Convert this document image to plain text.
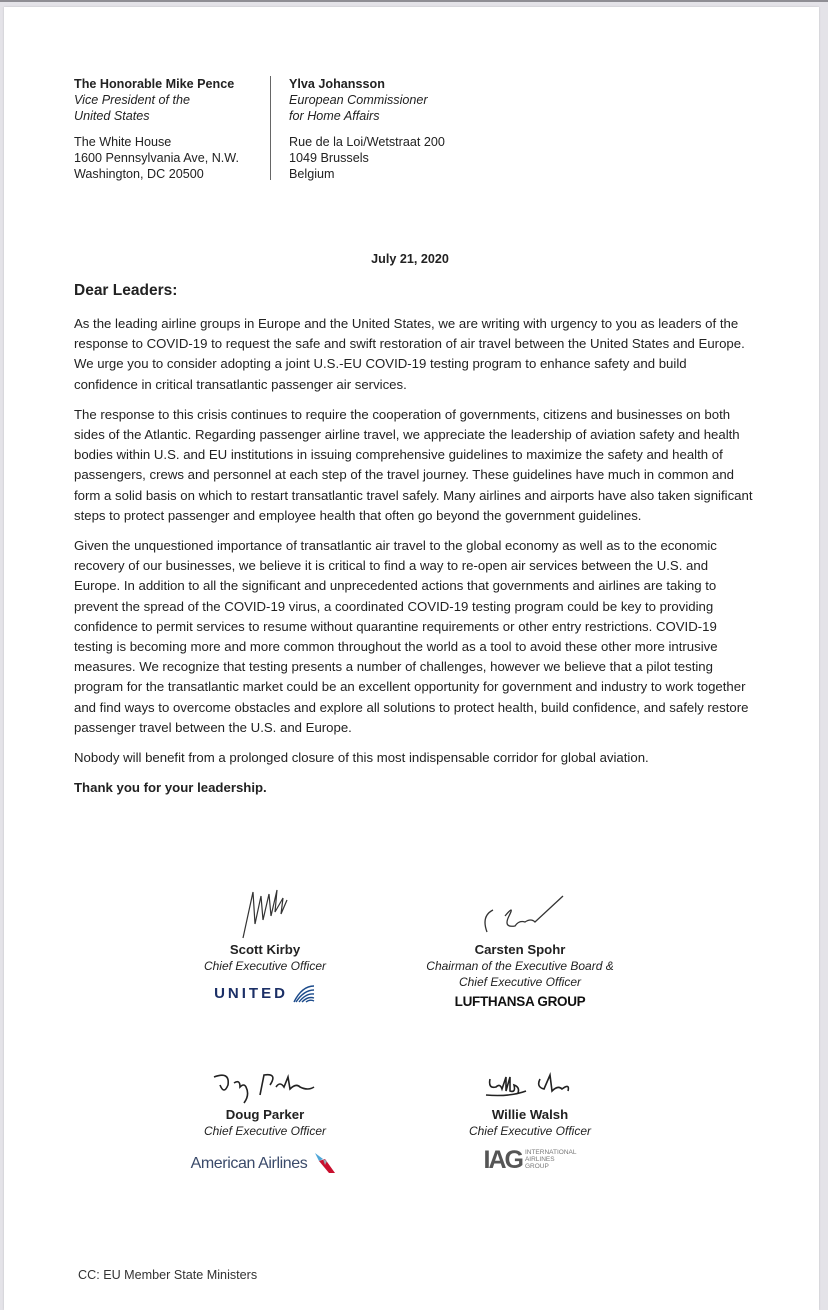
The Honorable Mike Pence
Vice President of the
United States
The White House
1600 Pennsylvania Ave, N.W.
Washington, DC 20500
Ylva Johansson
European Commissioner
for Home Affairs
Rue de la Loi/Wetstraat 200
1049 Brussels
Belgium
July 21, 2020
Dear Leaders:

As the leading airline groups in Europe and the United States, we are writing with urgency to you as leaders of the response to COVID-19 to request the safe and swift restoration of air travel between the United States and Europe. We urge you to consider adopting a joint U.S.-EU COVID-19 testing program to enhance safety and build confidence in critical transatlantic passenger air services.

The response to this crisis continues to require the cooperation of governments, citizens and businesses on both sides of the Atlantic. Regarding passenger airline travel, we appreciate the leadership of aviation safety and health bodies within U.S. and EU institutions in issuing comprehensive guidelines to maximize the safety and health of passengers, crews and personnel at each step of the travel journey. These guidelines have much in common and form a solid basis on which to restart transatlantic travel safely. Many airlines and airports have also taken significant steps to protect passenger and employee health that often go beyond the government guidelines.

Given the unquestioned importance of transatlantic air travel to the global economy as well as to the economic recovery of our businesses, we believe it is critical to find a way to re-open air services between the U.S. and Europe. In addition to all the significant and unprecedented actions that governments and airlines are taking to prevent the spread of the COVID-19 virus, a coordinated COVID-19 testing program could be key to providing confidence to permit services to resume without quarantine requirements or other entry restrictions. COVID-19 testing is becoming more and more common throughout the world as a tool to avoid these other more intrusive measures. We recognize that testing presents a number of challenges, however we believe that a pilot testing program for the transatlantic market could be an excellent opportunity for government and industry to work together and find ways to overcome obstacles and explore all solutions to protect health, build confidence, and safely restore passenger travel between the U.S. and Europe.

Nobody will benefit from a prolonged closure of this most indispensable corridor for global aviation.

Thank you for your leadership.

Scott Kirby
Chief Executive Officer
UNITED
Carsten Spohr
Chairman of the Executive Board &
Chief Executive Officer
LUFTHANSA GROUP
Doug Parker
Chief Executive Officer
American Airlines
Willie Walsh
Chief Executive Officer
IAG INTERNATIONAL
AIRLINES
GROUP
CC: EU Member State Ministers
